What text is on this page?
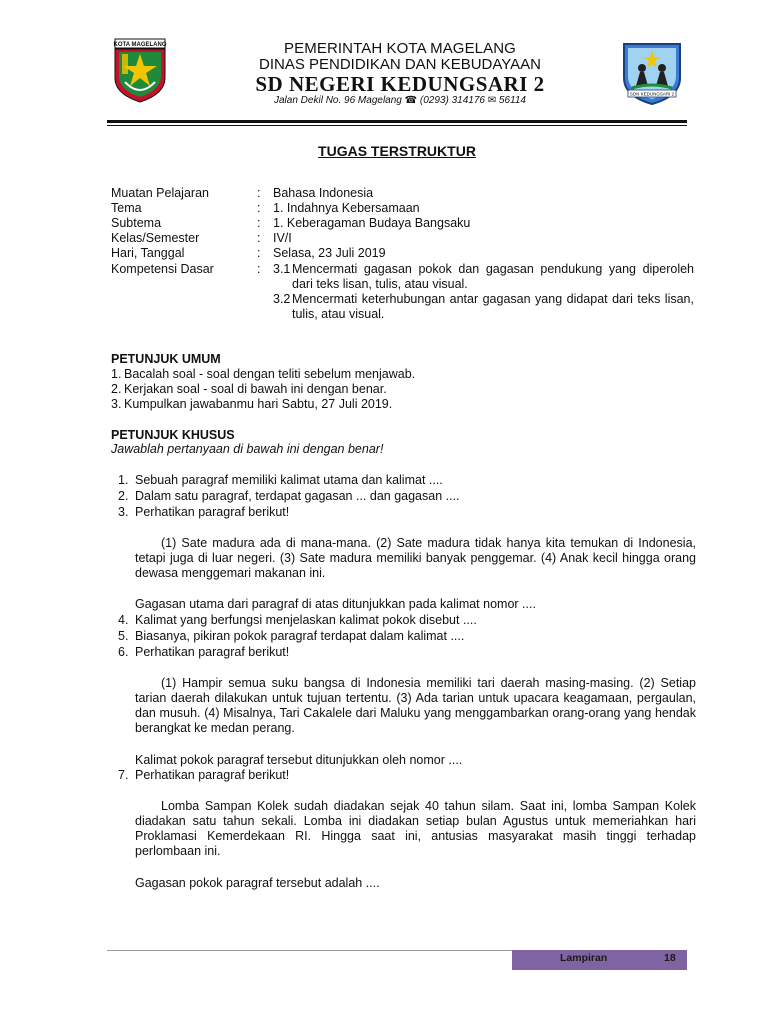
KOTA MAGELANG
SDN KEDUNGSARI 2
PEMERINTAH KOTA MAGELANG
DINAS PENDIDIKAN DAN KEBUDAYAAN
SD NEGERI KEDUNGSARI 2
Jalan Dekil No. 96 Magelang ☎ (0293) 314176 ✉ 56114
TUGAS TERSTRUKTUR
Muatan Pelajaran	: Bahasa Indonesia
Tema	: 1. Indahnya Kebersamaan
Subtema	: 1. Keberagaman Budaya Bangsaku
Kelas/Semester	: IV/I
Hari, Tanggal	: Selasa, 23 Juli 2019
Kompetensi Dasar	: 3.1 Mencermati gagasan pokok dan gagasan pendukung yang diperoleh dari teks lisan, tulis, atau visual.
3.2 Mencermati keterhubungan antar gagasan yang didapat dari teks lisan, tulis, atau visual.
PETUNJUK UMUM
1. Bacalah soal - soal dengan teliti sebelum menjawab.
2. Kerjakan soal - soal di bawah ini dengan benar.
3. Kumpulkan jawabanmu hari Sabtu, 27 Juli 2019.
PETUNJUK KHUSUS
Jawablah pertanyaan di bawah ini dengan benar!
1. Sebuah paragraf memiliki kalimat utama dan kalimat ....
2. Dalam satu paragraf, terdapat gagasan ... dan gagasan ....
3. Perhatikan paragraf berikut!
(1) Sate madura ada di mana-mana. (2) Sate madura tidak hanya kita temukan di Indonesia, tetapi juga di luar negeri. (3) Sate madura memiliki banyak penggemar. (4) Anak kecil hingga orang dewasa menggemari makanan ini.
Gagasan utama dari paragraf di atas ditunjukkan pada kalimat nomor ....
4. Kalimat yang berfungsi menjelaskan kalimat pokok disebut ....
5. Biasanya, pikiran pokok paragraf terdapat dalam kalimat ....
6. Perhatikan paragraf berikut!
(1) Hampir semua suku bangsa di Indonesia memiliki tari daerah masing-masing. (2) Setiap tarian daerah dilakukan untuk tujuan tertentu. (3) Ada tarian untuk upacara keagamaan, pergaulan, dan musuh. (4) Misalnya, Tari Cakalele dari Maluku yang menggambarkan orang-orang yang hendak berangkat ke medan perang.
Kalimat pokok paragraf tersebut ditunjukkan oleh nomor ....
7. Perhatikan paragraf berikut!
Lomba Sampan Kolek sudah diadakan sejak 40 tahun silam. Saat ini, lomba Sampan Kolek diadakan satu tahun sekali. Lomba ini diadakan setiap bulan Agustus untuk memeriahkan hari Proklamasi Kemerdekaan RI. Hingga saat ini, antusias masyarakat masih tinggi terhadap perlombaan ini.
Gagasan pokok paragraf tersebut adalah ....
Lampiran	18
